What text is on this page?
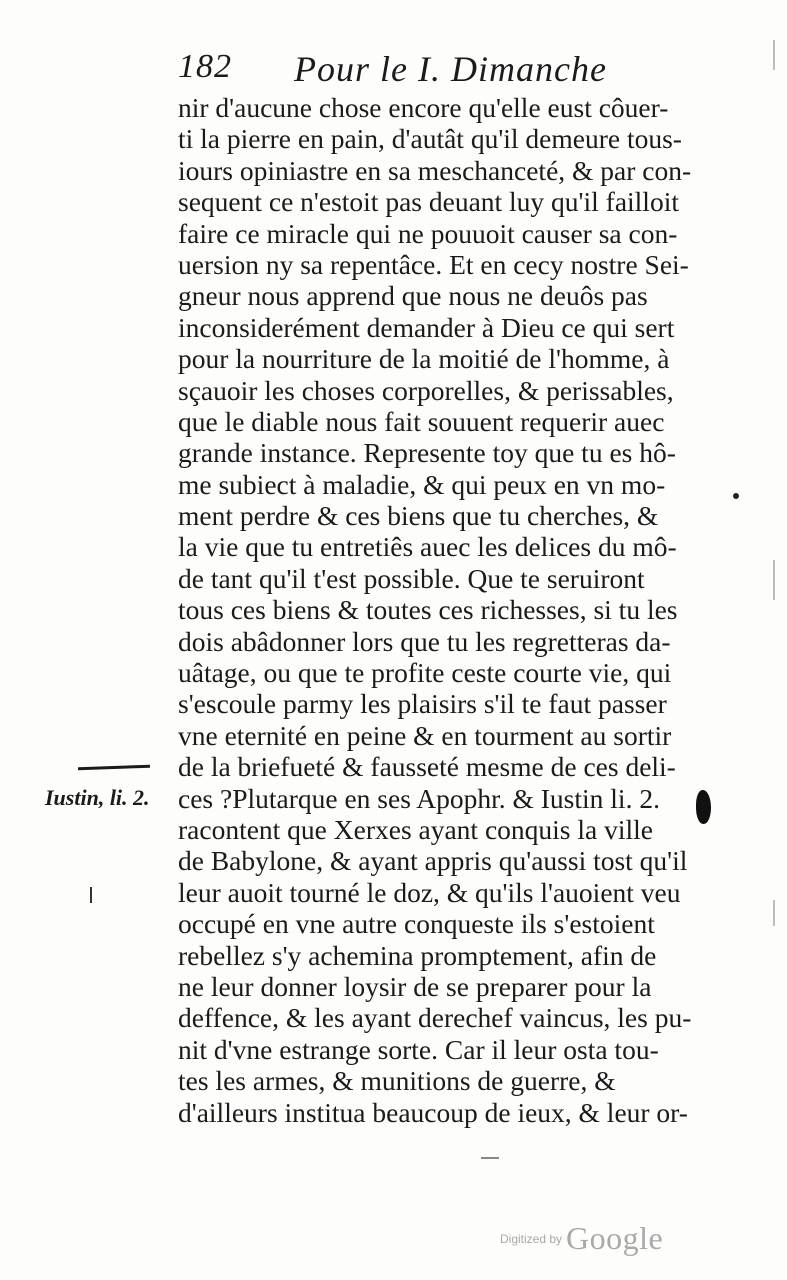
182 Pour le I. Dimanche
nir d'aucune chose encore qu'elle eust côuer-
ti la pierre en pain, d'autât qu'il demeure tous-
iours opiniastre en sa meschanceté, & par con-
sequent ce n'estoit pas deuant luy qu'il failloit
faire ce miracle qui ne pouuoit causer sa con-
uersion ny sa repentâce. Et en cecy nostre Sei-
gneur nous apprend que nous ne deuôs pas
inconsiderément demander à Dieu ce qui sert
pour la nourriture de la moitié de l'homme, à
sçauoir les choses corporelles, & perissables,
que le diable nous fait souuent requerir auec
grande instance. Represente toy que tu es hô-
me subiect à maladie, & qui peux en vn mo-
ment perdre & ces biens que tu cherches, &
la vie que tu entretiês auec les delices du mô-
de tant qu'il t'est possible. Que te seruiront
tous ces biens & toutes ces richesses, si tu les
dois abâdonner lors que tu les regretteras da-
uâtage, ou que te profite ceste courte vie, qui
s'escoule parmy les plaisirs s'il te faut passer
vne eternité en peine & en tourment au sortir
de la briefueté & fausseté mesme de ces deli-
ces ?Plutarque en ses Apophr. & Iustin li. 2.
racontent que Xerxes ayant conquis la ville
de Babylone, & ayant appris qu'aussi tost qu'il
leur auoit tourné le doz, & qu'ils l'auoient veu
occupé en vne autre conqueste ils s'estoient
rebellez s'y achemina promptement, afin de
ne leur donner loysir de se preparer pour la
deffence, & les ayant derechef vaincus, les pu-
nit d'vne estrange sorte. Car il leur osta tou-
tes les armes, & munitions de guerre, &
d'ailleurs institua beaucoup de ieux, & leur or-
Iustin, li. 2.
Digitized by Google
